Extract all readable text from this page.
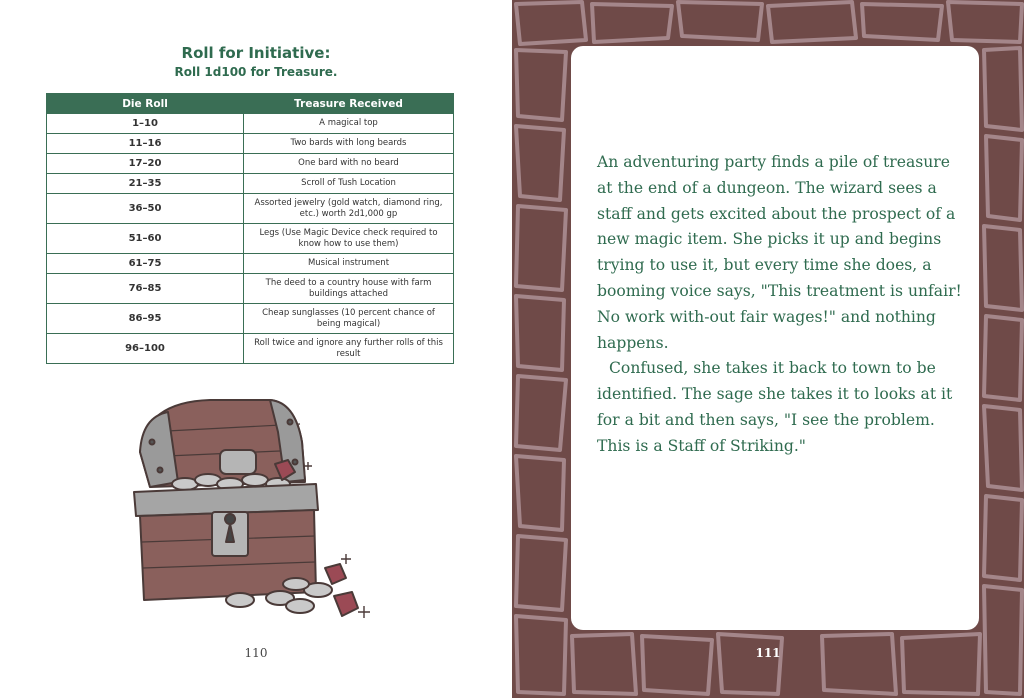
Roll for Initiative:
Roll 1d100 for Treasure.
Die Roll	Treasure Received
1–10	A magical top
11–16	Two bards with long beards
17–20	One bard with no beard
21–35	Scroll of Tush Location
36–50	Assorted jewelry (gold watch, diamond ring, etc.) worth 2d1,000 gp
51–60	Legs (Use Magic Device check required to know how to use them)
61–75	Musical instrument
76–85	The deed to a country house with farm buildings attached
86–95	Cheap sunglasses (10 percent chance of being magical)
96–100	Roll twice and ignore any further rolls of this result
110

An adventuring party finds a pile of treasure at the end of a dungeon. The wizard sees a staff and gets excited about the prospect of a new magic item. She picks it up and begins trying to use it, but every time she does, a booming voice says, "This treatment is unfair! No work with-out fair wages!" and nothing happens.

Confused, she takes it back to town to be identified. The sage she takes it to looks at it for a bit and then says, "I see the problem. This is a Staff of Striking."

111
